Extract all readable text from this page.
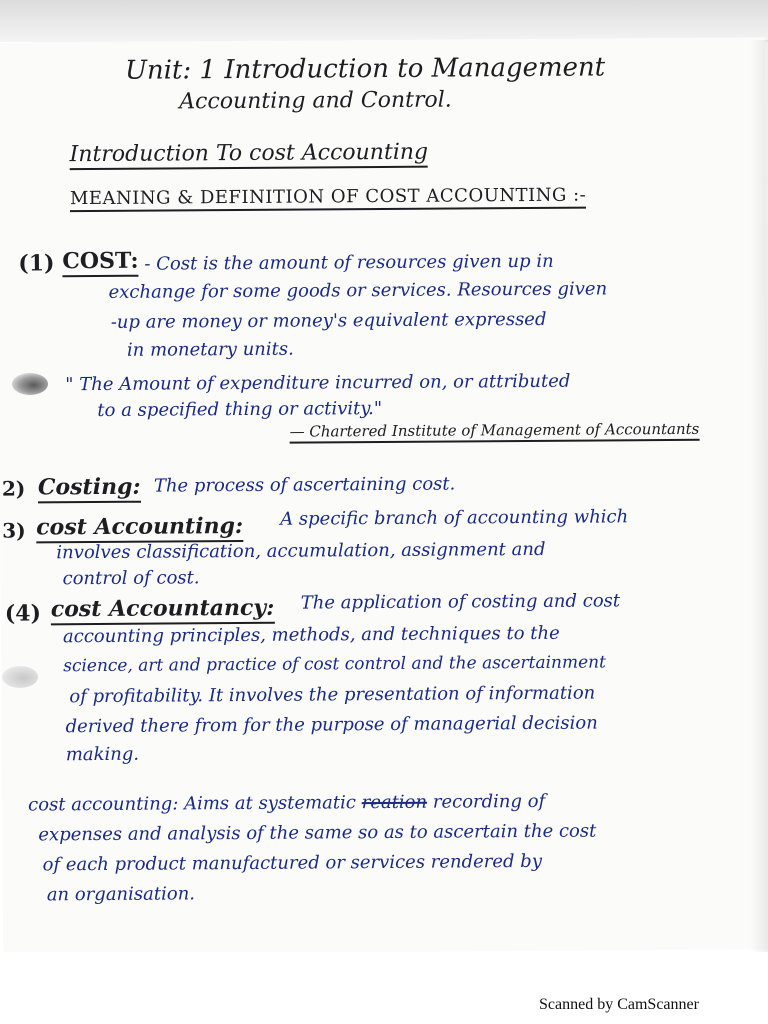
Unit: 1 Introduction to Management
Accounting and Control.
Introduction To cost Accounting
MEANING & DEFINITION OF COST ACCOUNTING :-
(1) COST: - Cost is the amount of resources given up in
exchange for some goods or services. Resources given
-up are money or money's equivalent expressed
in monetary units.
" The Amount of expenditure incurred on, or attributed
to a specified thing or activity."
— Chartered Institute of Management of Accountants
2) Costing: The process of ascertaining cost.
3) cost Accounting: A specific branch of accounting which
involves classification, accumulation, assignment and
control of cost.
(4) cost Accountancy: The application of costing and cost
accounting principles, methods, and techniques to the
science, art and practice of cost control and the ascertainment
of profitability. It involves the presentation of information
derived there from for the purpose of managerial decision
making.
cost accounting: Aims at systematic reation recording of
expenses and analysis of the same so as to ascertain the cost
of each product manufactured or services rendered by
an organisation.
Scanned by CamScanner
